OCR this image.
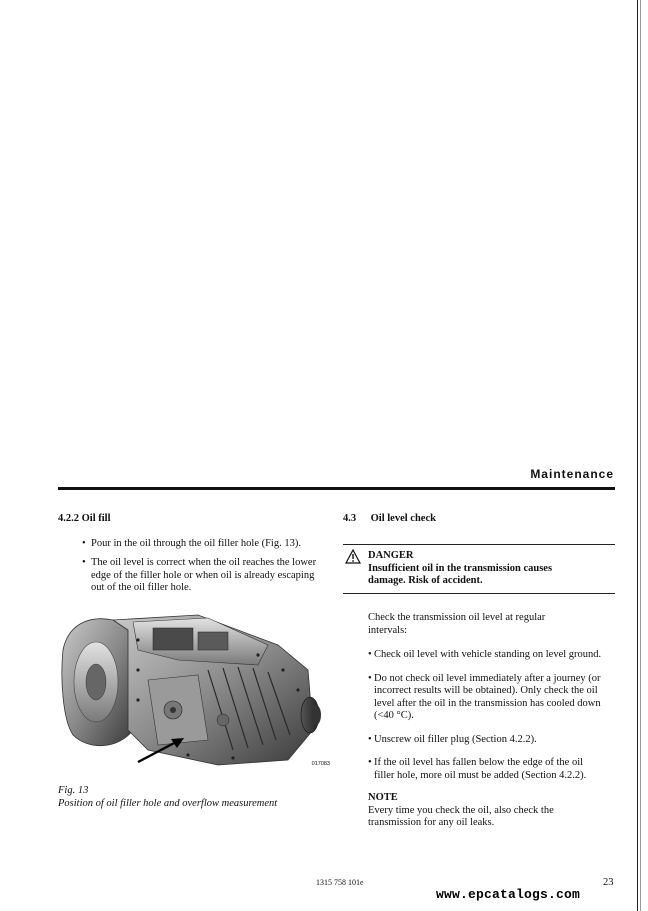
Maintenance
4.2.2 Oil fill
• Pour in the oil through the oil filler hole (Fig. 13).
• The oil level is correct when the oil reaches the lower
edge of the filler hole or when oil is already escaping
out of the oil filler hole.
017083
Fig. 13
Position of oil filler hole and overflow measurement
4.3 Oil level check
DANGER
Insufficient oil in the transmission causes
damage. Risk of accident.
Check the transmission oil level at regular
intervals:
• Check oil level with vehicle standing on level ground.
• Do not check oil level immediately after a journey (or
incorrect results will be obtained). Only check the oil
level after the oil in the transmission has cooled down
(<40 °C).
• Unscrew oil filler plug (Section 4.2.2).
• If the oil level has fallen below the edge of the oil
filler hole, more oil must be added (Section 4.2.2).
NOTE
Every time you check the oil, also check the
transmission for any oil leaks.
1315 758 101e	23
www.epcatalogs.com
